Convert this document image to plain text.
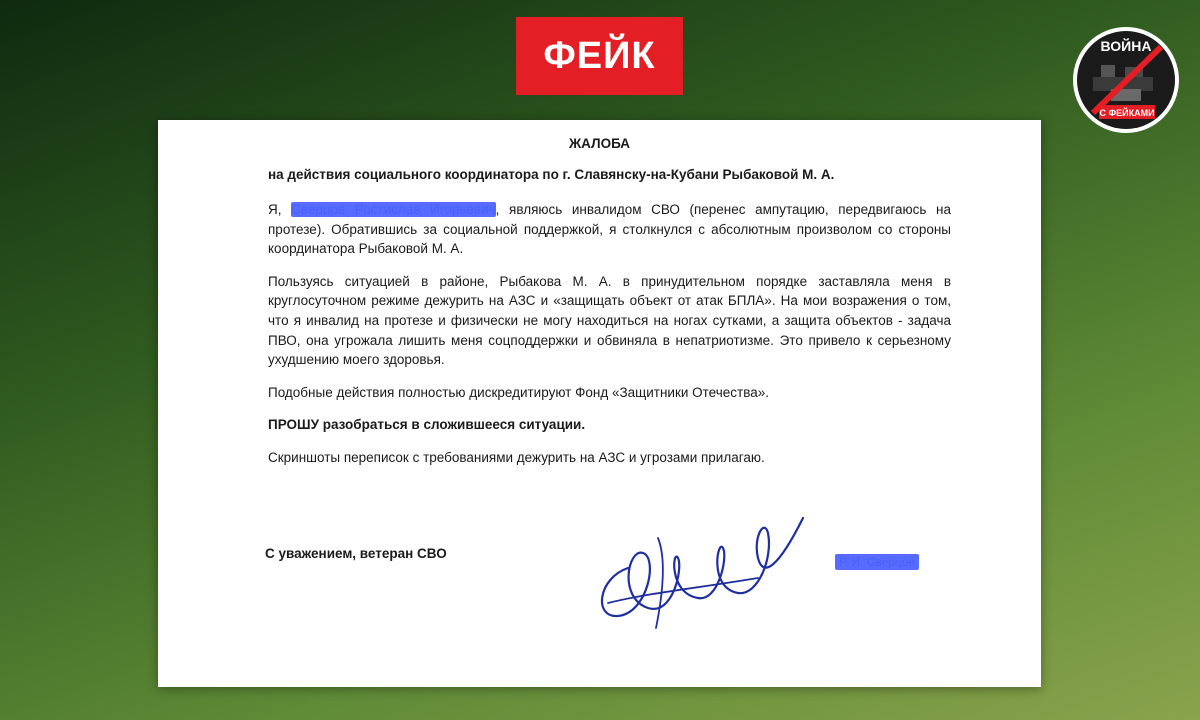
ФЕЙК	ВОЙНА
С ФЕЙКАМИ
ЖАЛОБА
на действия социального координатора по г. Славянску-на-Кубани Рыбаковой М. А.

Я, Сверцов Ростислав Игорьевич, являюсь инвалидом СВО (перенес ампутацию, передвигаюсь на протезе). Обратившись за социальной поддержкой, я столкнулся с абсолютным произволом со стороны координатора Рыбаковой М. А.

Пользуясь ситуацией в районе, Рыбакова М. А. в принудительном порядке заставляла меня в круглосуточном режиме дежурить на АЗС и «защищать объект от атак БПЛА». На мои возражения о том, что я инвалид на протезе и физически не могу находиться на ногах сутками, а защита объектов - задача ПВО, она угрожала лишить меня соцподдержки и обвиняла в непатриотизме. Это привело к серьезному ухудшению моего здоровья.

Подобные действия полностью дискредитируют Фонд «Защитники Отечества».

ПРОШУ разобраться в сложившееся ситуации.

Скриншоты переписок с требованиями дежурить на АЗС и угрозами прилагаю.

С уважением, ветеран СВО
Р. И. Сверцов
